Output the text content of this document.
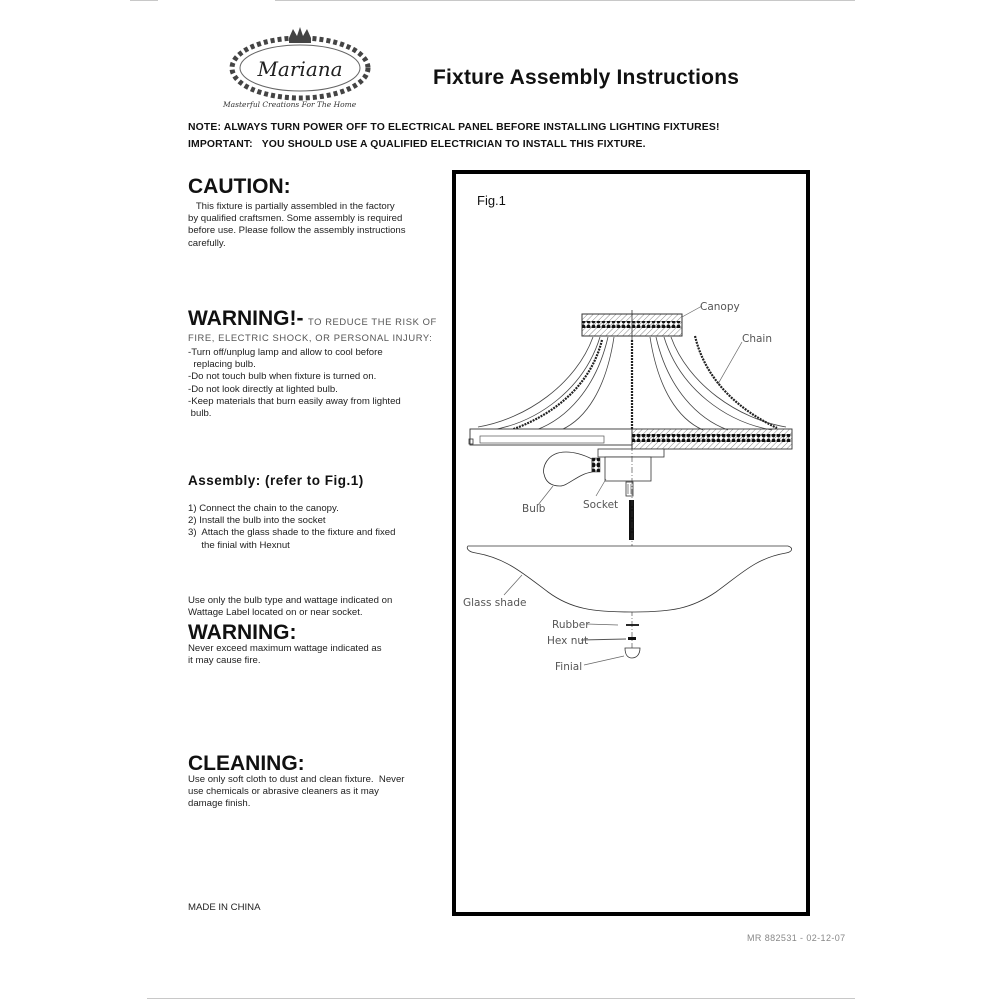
Mariana
Masterful Creations For The Home
Fixture Assembly Instructions
NOTE: ALWAYS TURN POWER OFF TO ELECTRICAL PANEL BEFORE INSTALLING LIGHTING FIXTURES!
IMPORTANT:   YOU SHOULD USE A QUALIFIED ELECTRICIAN TO INSTALL THIS FIXTURE.
CAUTION:
This fixture is partially assembled in the factory
by qualified craftsmen. Some assembly is required
before use. Please follow the assembly instructions
carefully.
WARNING!- TO REDUCE THE RISK OF
FIRE, ELECTRIC SHOCK, OR PERSONAL INJURY:
-Turn off/unplug lamp and allow to cool before
replacing bulb.
-Do not touch bulb when fixture is turned on.
-Do not look directly at lighted bulb.
-Keep materials that burn easily away from lighted
bulb.
Assembly: (refer to Fig.1)
1) Connect the chain to the canopy.
2) Install the bulb into the socket
3)  Attach the glass shade to the fixture and fixed
the finial with Hexnut
Use only the bulb type and wattage indicated on
Wattage Label located on or near socket.
WARNING:
Never exceed maximum wattage indicated as
it may cause fire.
CLEANING:
Use only soft cloth to dust and clean fixture.  Never
use chemicals or abrasive cleaners as it may
damage finish.
MADE IN CHINA
MR 882531 - 02-12-07
Fig.1
Canopy
Chain
Bulb	Socket
Glass shade
Rubber
Hex nut
Finial
